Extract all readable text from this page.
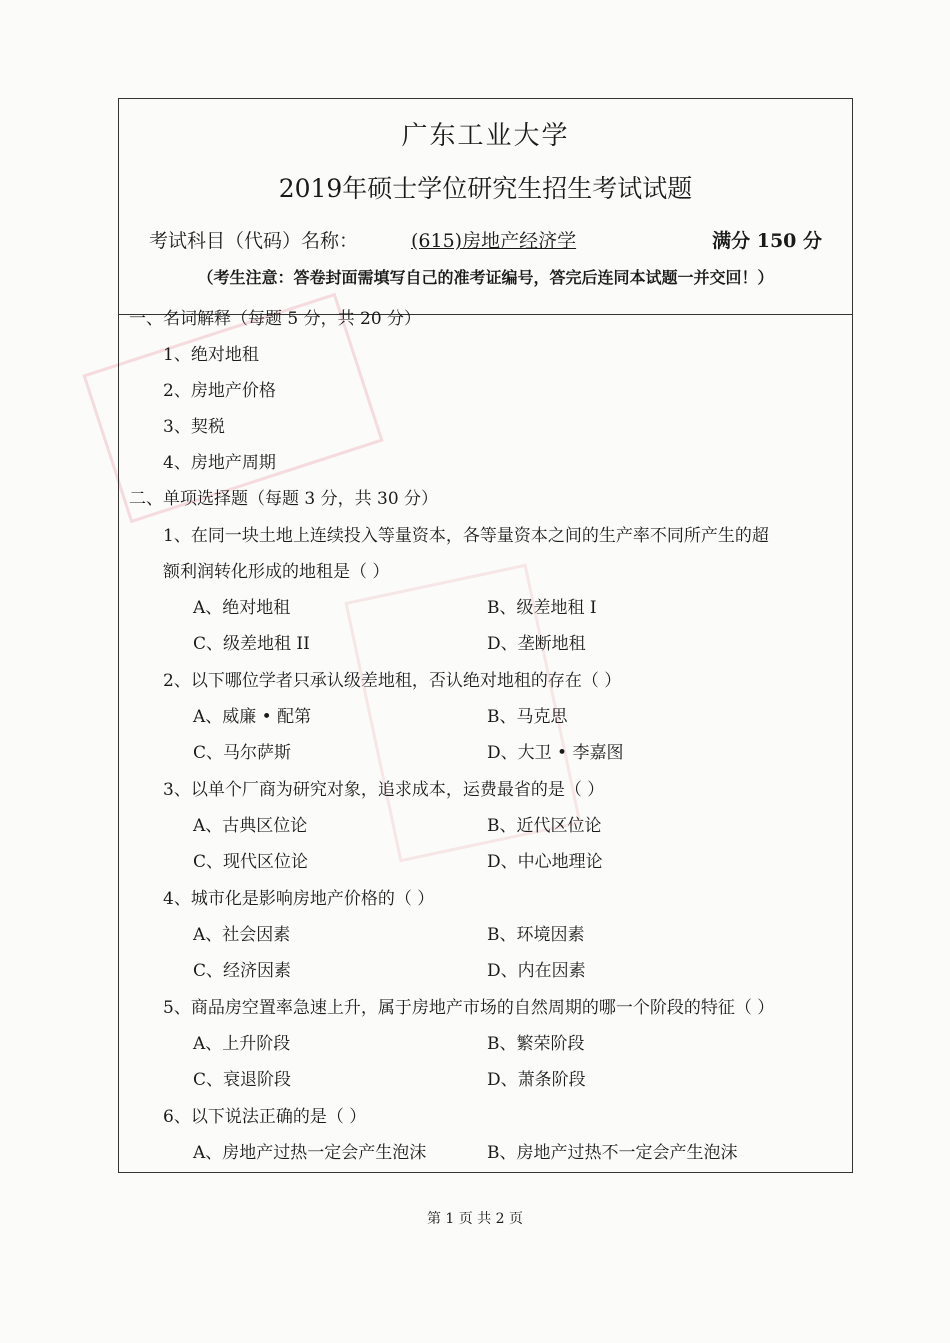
广东工业大学
2019年硕士学位研究生招生考试试题
考试科目（代码）名称：	(615)房地产经济学	满分 150 分
（考生注意：答卷封面需填写自己的准考证编号，答完后连同本试题一并交回！）
一、名词解释（每题 5 分，共 20 分）
1、绝对地租
2、房地产价格
3、契税
4、房地产周期
二、单项选择题（每题 3 分，共 30 分）
1、在同一块土地上连续投入等量资本，各等量资本之间的生产率不同所产生的超
额利润转化形成的地租是（ ）
A、绝对地租	B、级差地租 I
C、级差地租 II	D、垄断地租
2、以下哪位学者只承认级差地租，否认绝对地租的存在（ ）
A、威廉 • 配第	B、马克思
C、马尔萨斯	D、大卫 • 李嘉图
3、以单个厂商为研究对象，追求成本，运费最省的是（ ）
A、古典区位论	B、近代区位论
C、现代区位论	D、中心地理论
4、城市化是影响房地产价格的（ ）
A、社会因素	B、环境因素
C、经济因素	D、内在因素
5、商品房空置率急速上升，属于房地产市场的自然周期的哪一个阶段的特征（ ）
A、上升阶段	B、繁荣阶段
C、衰退阶段	D、萧条阶段
6、以下说法正确的是（ ）
A、房地产过热一定会产生泡沫	B、房地产过热不一定会产生泡沫
第 1 页 共 2 页
